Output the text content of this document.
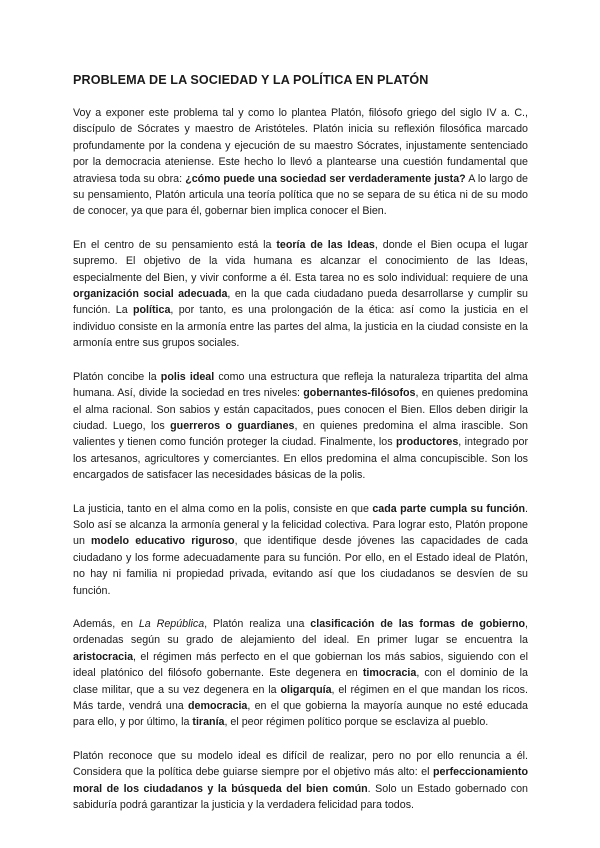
PROBLEMA DE LA SOCIEDAD Y LA POLÍTICA EN PLATÓN

Voy a exponer este problema tal y como lo plantea Platón, filósofo griego del siglo IV a. C., discípulo de Sócrates y maestro de Aristóteles. Platón inicia su reflexión filosófica marcado profundamente por la condena y ejecución de su maestro Sócrates, injustamente sentenciado por la democracia ateniense. Este hecho lo llevó a plantearse una cuestión fundamental que atraviesa toda su obra: ¿cómo puede una sociedad ser verdaderamente justa? A lo largo de su pensamiento, Platón articula una teoría política que no se separa de su ética ni de su modo de conocer, ya que para él, gobernar bien implica conocer el Bien.

En el centro de su pensamiento está la teoría de las Ideas, donde el Bien ocupa el lugar supremo. El objetivo de la vida humana es alcanzar el conocimiento de las Ideas, especialmente del Bien, y vivir conforme a él. Esta tarea no es solo individual: requiere de una organización social adecuada, en la que cada ciudadano pueda desarrollarse y cumplir su función. La política, por tanto, es una prolongación de la ética: así como la justicia en el individuo consiste en la armonía entre las partes del alma, la justicia en la ciudad consiste en la armonía entre sus grupos sociales.

Platón concibe la polis ideal como una estructura que refleja la naturaleza tripartita del alma humana. Así, divide la sociedad en tres niveles: gobernantes-filósofos, en quienes predomina el alma racional. Son sabios y están capacitados, pues conocen el Bien. Ellos deben dirigir la ciudad. Luego, los guerreros o guardianes, en quienes predomina el alma irascible. Son valientes y tienen como función proteger la ciudad. Finalmente, los productores, integrado por los artesanos, agricultores y comerciantes. En ellos predomina el alma concupiscible. Son los encargados de satisfacer las necesidades básicas de la polis.

La justicia, tanto en el alma como en la polis, consiste en que cada parte cumpla su función. Solo así se alcanza la armonía general y la felicidad colectiva. Para lograr esto, Platón propone un modelo educativo riguroso, que identifique desde jóvenes las capacidades de cada ciudadano y los forme adecuadamente para su función. Por ello, en el Estado ideal de Platón, no hay ni familia ni propiedad privada, evitando así que los ciudadanos se desvíen de su función.

Además, en La República, Platón realiza una clasificación de las formas de gobierno, ordenadas según su grado de alejamiento del ideal. En primer lugar se encuentra la aristocracia, el régimen más perfecto en el que gobiernan los más sabios, siguiendo con el ideal platónico del filósofo gobernante. Este degenera en timocracia, con el dominio de la clase militar, que a su vez degenera en la oligarquía, el régimen en el que mandan los ricos. Más tarde, vendrá una democracia, en el que gobierna la mayoría aunque no esté educada para ello, y por último, la tiranía, el peor régimen político porque se esclaviza al pueblo.

Platón reconoce que su modelo ideal es difícil de realizar, pero no por ello renuncia a él. Considera que la política debe guiarse siempre por el objetivo más alto: el perfeccionamiento moral de los ciudadanos y la búsqueda del bien común. Solo un Estado gobernado con sabiduría podrá garantizar la justicia y la verdadera felicidad para todos.
